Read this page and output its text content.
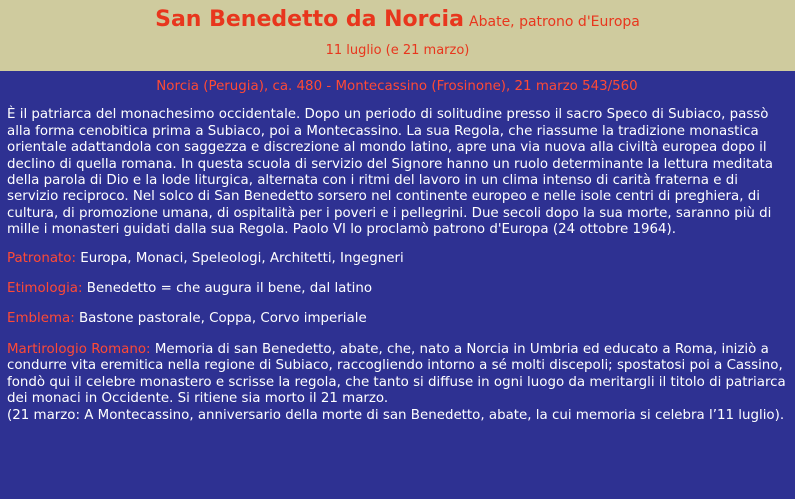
San Benedetto da Norcia Abate, patrono d'Europa
11 luglio (e 21 marzo)
Norcia (Perugia), ca. 480 - Montecassino (Frosinone), 21 marzo 543/560

È il patriarca del monachesimo occidentale. Dopo un periodo di solitudine presso il sacro Speco di Subiaco, passò alla forma cenobitica prima a Subiaco, poi a Montecassino. La sua Regola, che riassume la tradizione monastica orientale adattandola con saggezza e discrezione al mondo latino, apre una via nuova alla civiltà europea dopo il declino di quella romana. In questa scuola di servizio del Signore hanno un ruolo determinante la lettura meditata della parola di Dio e la lode liturgica, alternata con i ritmi del lavoro in un clima intenso di carità fraterna e di servizio reciproco. Nel solco di San Benedetto sorsero nel continente europeo e nelle isole centri di preghiera, di cultura, di promozione umana, di ospitalità per i poveri e i pellegrini. Due secoli dopo la sua morte, saranno più di mille i monasteri guidati dalla sua Regola. Paolo VI lo proclamò patrono d'Europa (24 ottobre 1964).

Patronato: Europa, Monaci, Speleologi, Architetti, Ingegneri

Etimologia: Benedetto = che augura il bene, dal latino

Emblema: Bastone pastorale, Coppa, Corvo imperiale

Martirologio Romano: Memoria di san Benedetto, abate, che, nato a Norcia in Umbria ed educato a Roma, iniziò a condurre vita eremitica nella regione di Subiaco, raccogliendo intorno a sé molti discepoli; spostatosi poi a Cassino, fondò qui il celebre monastero e scrisse la regola, che tanto si diffuse in ogni luogo da meritargli il titolo di patriarca dei monaci in Occidente. Si ritiene sia morto il 21 marzo.
(21 marzo: A Montecassino, anniversario della morte di san Benedetto, abate, la cui memoria si celebra l’11 luglio).
